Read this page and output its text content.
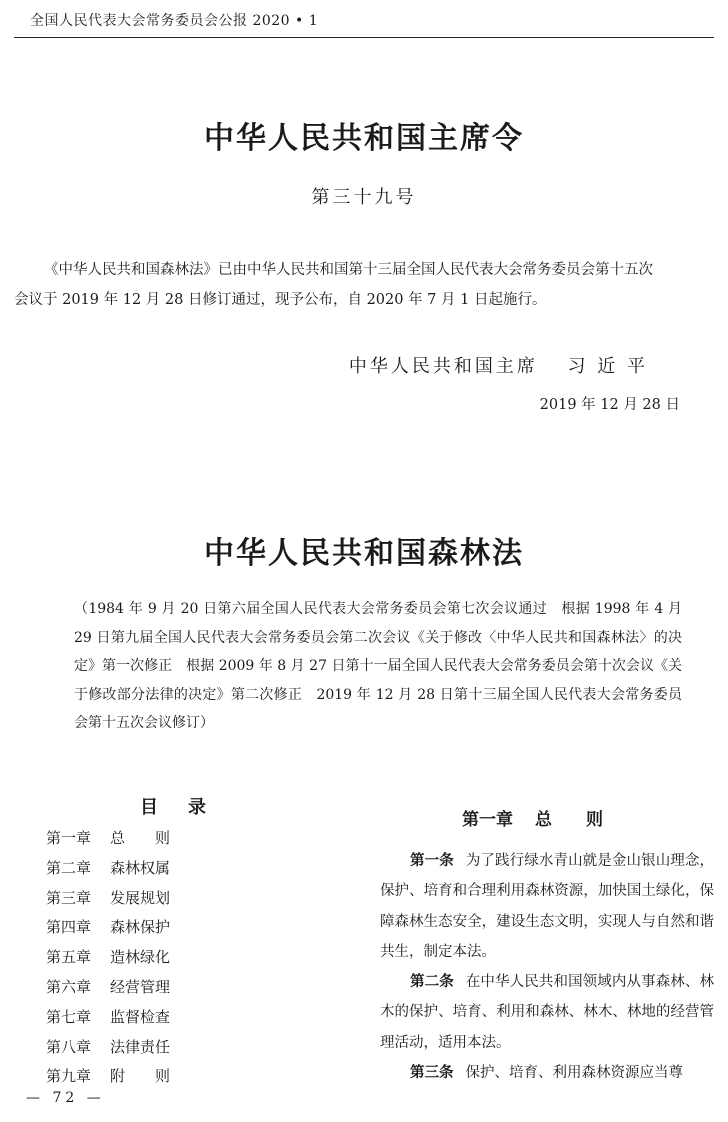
全国人民代表大会常务委员会公报 2020 • 1
中华人民共和国主席令
第三十九号
《中华人民共和国森林法》已由中华人民共和国第十三届全国人民代表大会常务委员会第十五次
会议于 2019 年 12 月 28 日修订通过，现予公布，自 2020 年 7 月 1 日起施行。
中华人民共和国主席　 习 近 平
2019 年 12 月 28 日
中华人民共和国森林法
（1984 年 9 月 20 日第六届全国人民代表大会常务委员会第七次会议通过　根据 1998 年 4 月 29 日第九届全国人民代表大会常务委员会第二次会议《关于修改〈中华人民共和国森林法〉的决定》第一次修正　根据 2009 年 8 月 27 日第十一届全国人民代表大会常务委员会第十次会议《关于修改部分法律的决定》第二次修正　2019 年 12 月 28 日第十三届全国人民代表大会常务委员会第十五次会议修订）
目录
第一章 总　　则
第二章 森林权属
第三章 发展规划
第四章 森林保护
第五章 造林绿化
第六章 经营管理
第七章 监督检查
第八章 法律责任
第九章 附　　则
第一章 总　　则
第一条 为了践行绿水青山就是金山银山理念，保护、培育和合理利用森林资源，加快国土绿化，保障森林生态安全，建设生态文明，实现人与自然和谐共生，制定本法。
第二条 在中华人民共和国领域内从事森林、林木的保护、培育、利用和森林、林木、林地的经营管理活动，适用本法。
第三条 保护、培育、利用森林资源应当尊
— 72 —
